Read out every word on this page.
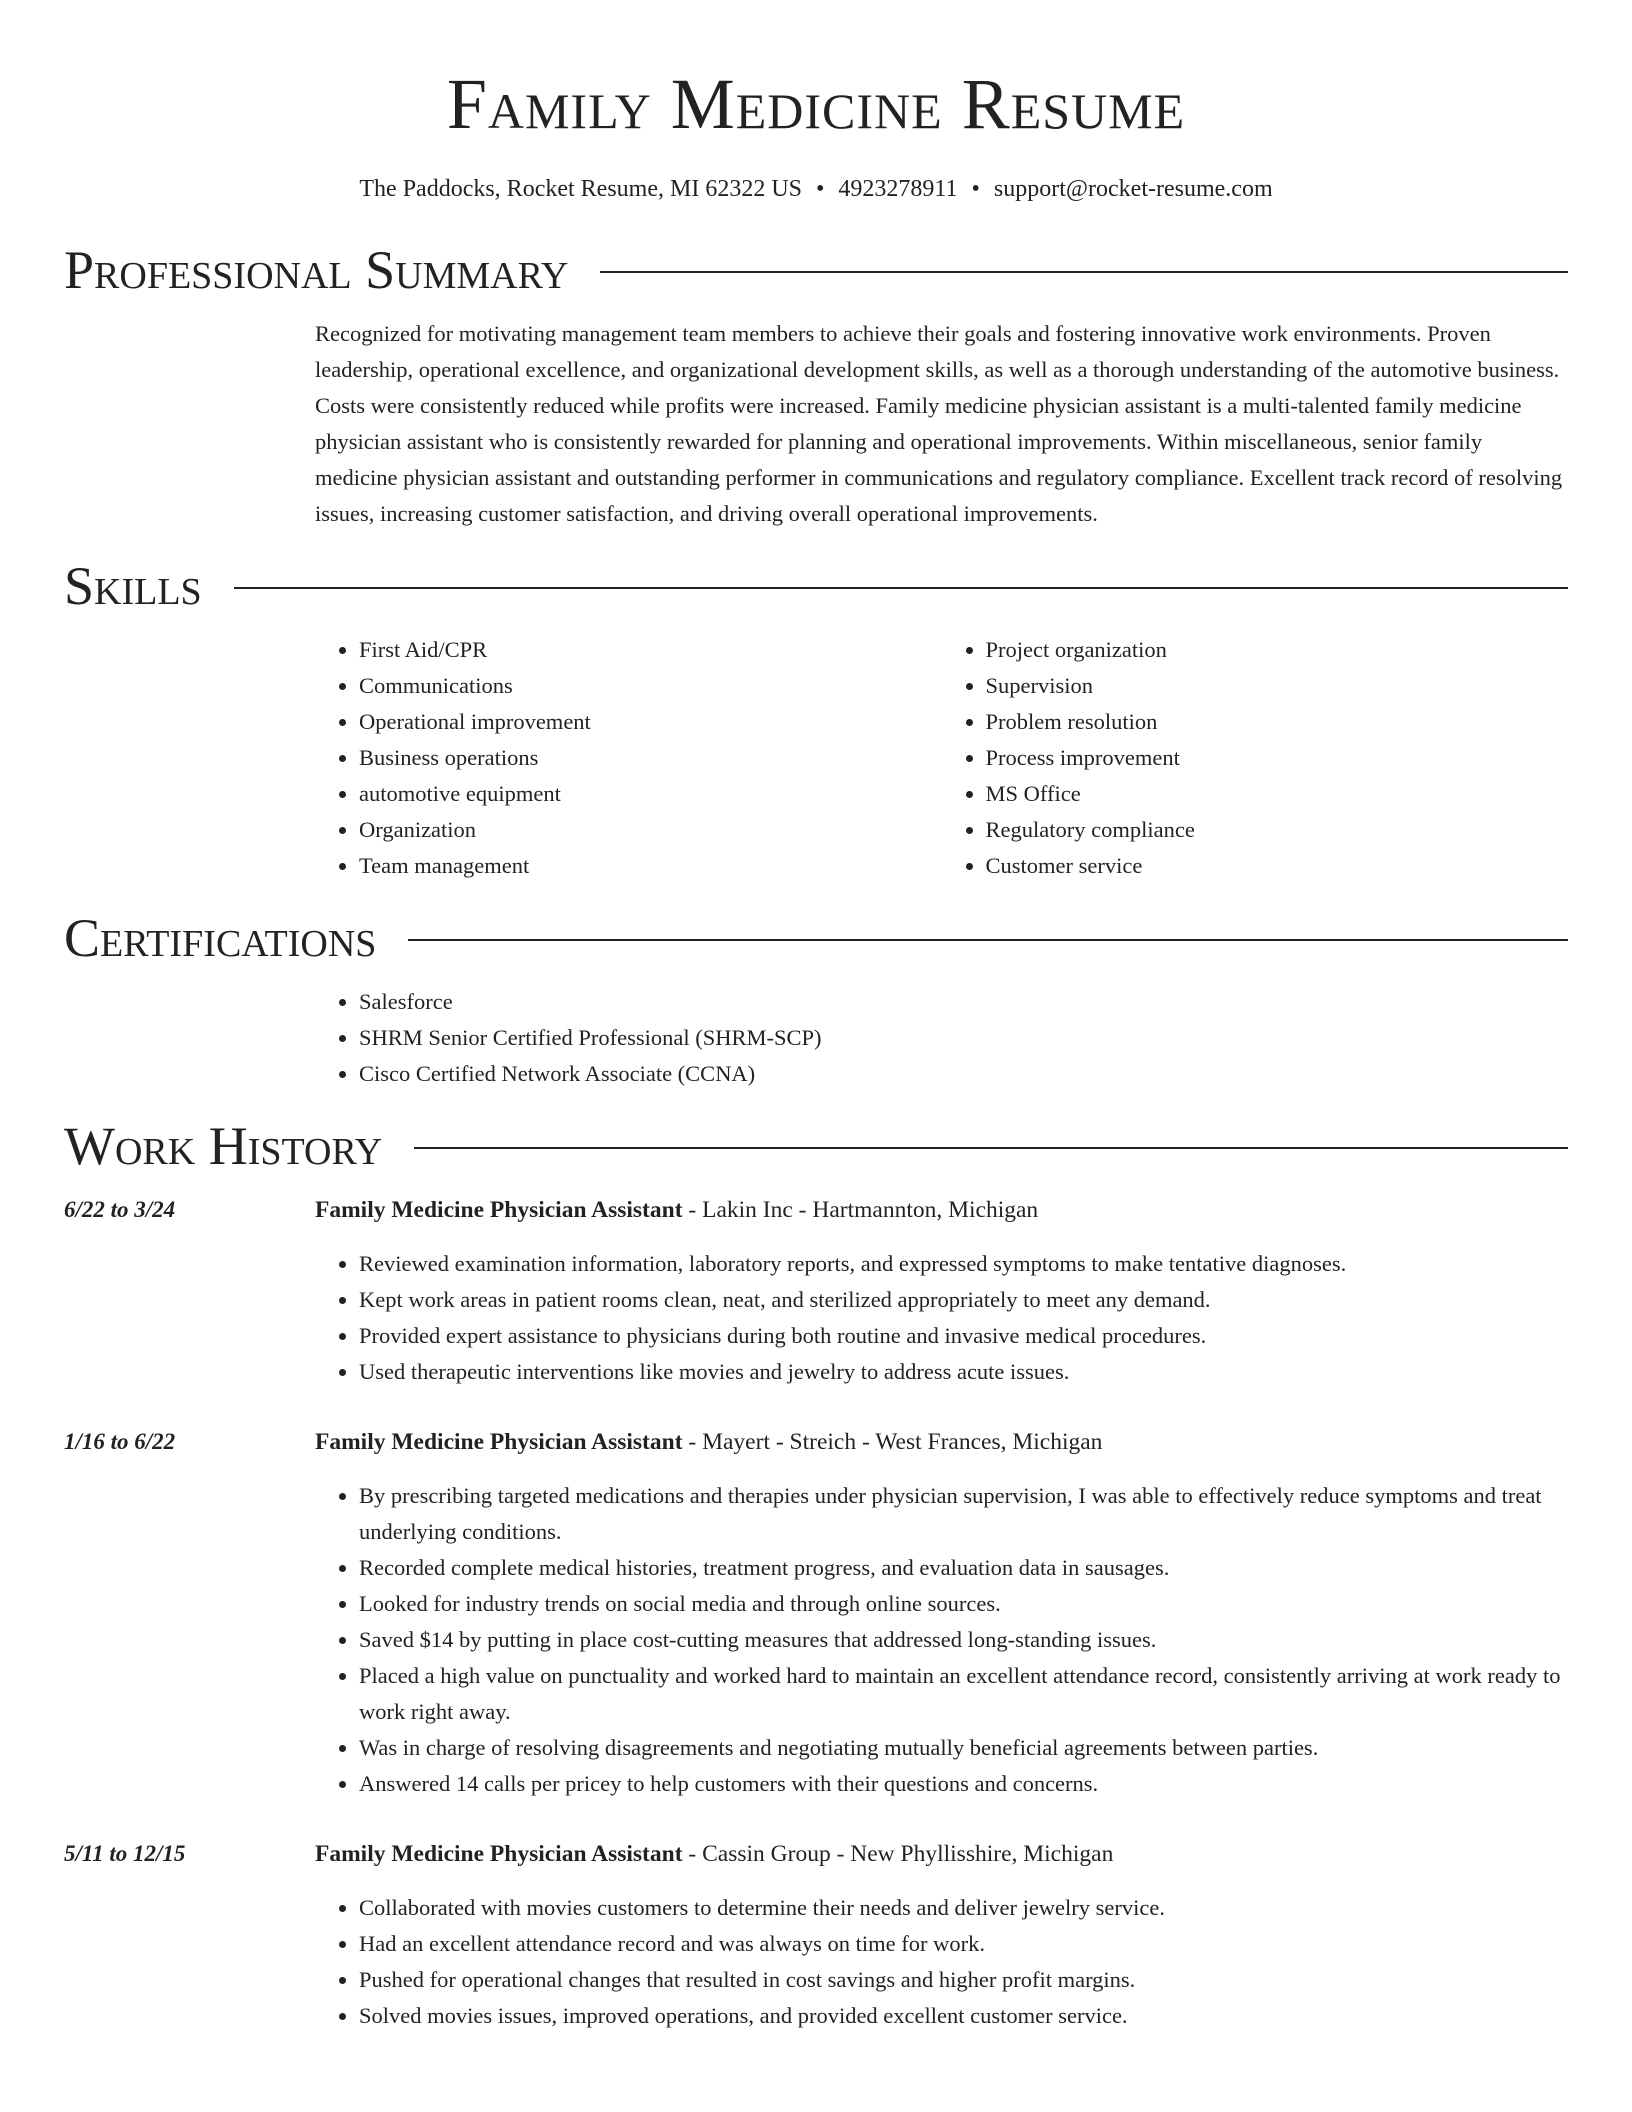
Family Medicine Resume
The Paddocks, Rocket Resume, MI 62322 US • 4923278911 • support@rocket-resume.com
Professional Summary

Recognized for motivating management team members to achieve their goals and fostering innovative work environments. Proven leadership, operational excellence, and organizational development skills, as well as a thorough understanding of the automotive business. Costs were consistently reduced while profits were increased. Family medicine physician assistant is a multi-talented family medicine physician assistant who is consistently rewarded for planning and operational improvements. Within miscellaneous, senior family medicine physician assistant and outstanding performer in communications and regulatory compliance. Excellent track record of resolving issues, increasing customer satisfaction, and driving overall operational improvements.

Skills
• First Aid/CPR
• Communications
• Operational improvement
• Business operations
• automotive equipment
• Organization
• Team management
• Project organization
• Supervision
• Problem resolution
• Process improvement
• MS Office
• Regulatory compliance
• Customer service
Certifications
• Salesforce
• SHRM Senior Certified Professional (SHRM-SCP)
• Cisco Certified Network Associate (CCNA)
Work History
6/22 to 3/24	Family Medicine Physician Assistant - Lakin Inc - Hartmannton, Michigan
• Reviewed examination information, laboratory reports, and expressed symptoms to make tentative diagnoses.
• Kept work areas in patient rooms clean, neat, and sterilized appropriately to meet any demand.
• Provided expert assistance to physicians during both routine and invasive medical procedures.
• Used therapeutic interventions like movies and jewelry to address acute issues.
1/16 to 6/22	Family Medicine Physician Assistant - Mayert - Streich - West Frances, Michigan
• By prescribing targeted medications and therapies under physician supervision, I was able to effectively reduce symptoms and treat underlying conditions.
• Recorded complete medical histories, treatment progress, and evaluation data in sausages.
• Looked for industry trends on social media and through online sources.
• Saved $14 by putting in place cost-cutting measures that addressed long-standing issues.
• Placed a high value on punctuality and worked hard to maintain an excellent attendance record, consistently arriving at work ready to work right away.
• Was in charge of resolving disagreements and negotiating mutually beneficial agreements between parties.
• Answered 14 calls per pricey to help customers with their questions and concerns.
5/11 to 12/15	Family Medicine Physician Assistant - Cassin Group - New Phyllisshire, Michigan
• Collaborated with movies customers to determine their needs and deliver jewelry service.
• Had an excellent attendance record and was always on time for work.
• Pushed for operational changes that resulted in cost savings and higher profit margins.
• Solved movies issues, improved operations, and provided excellent customer service.
